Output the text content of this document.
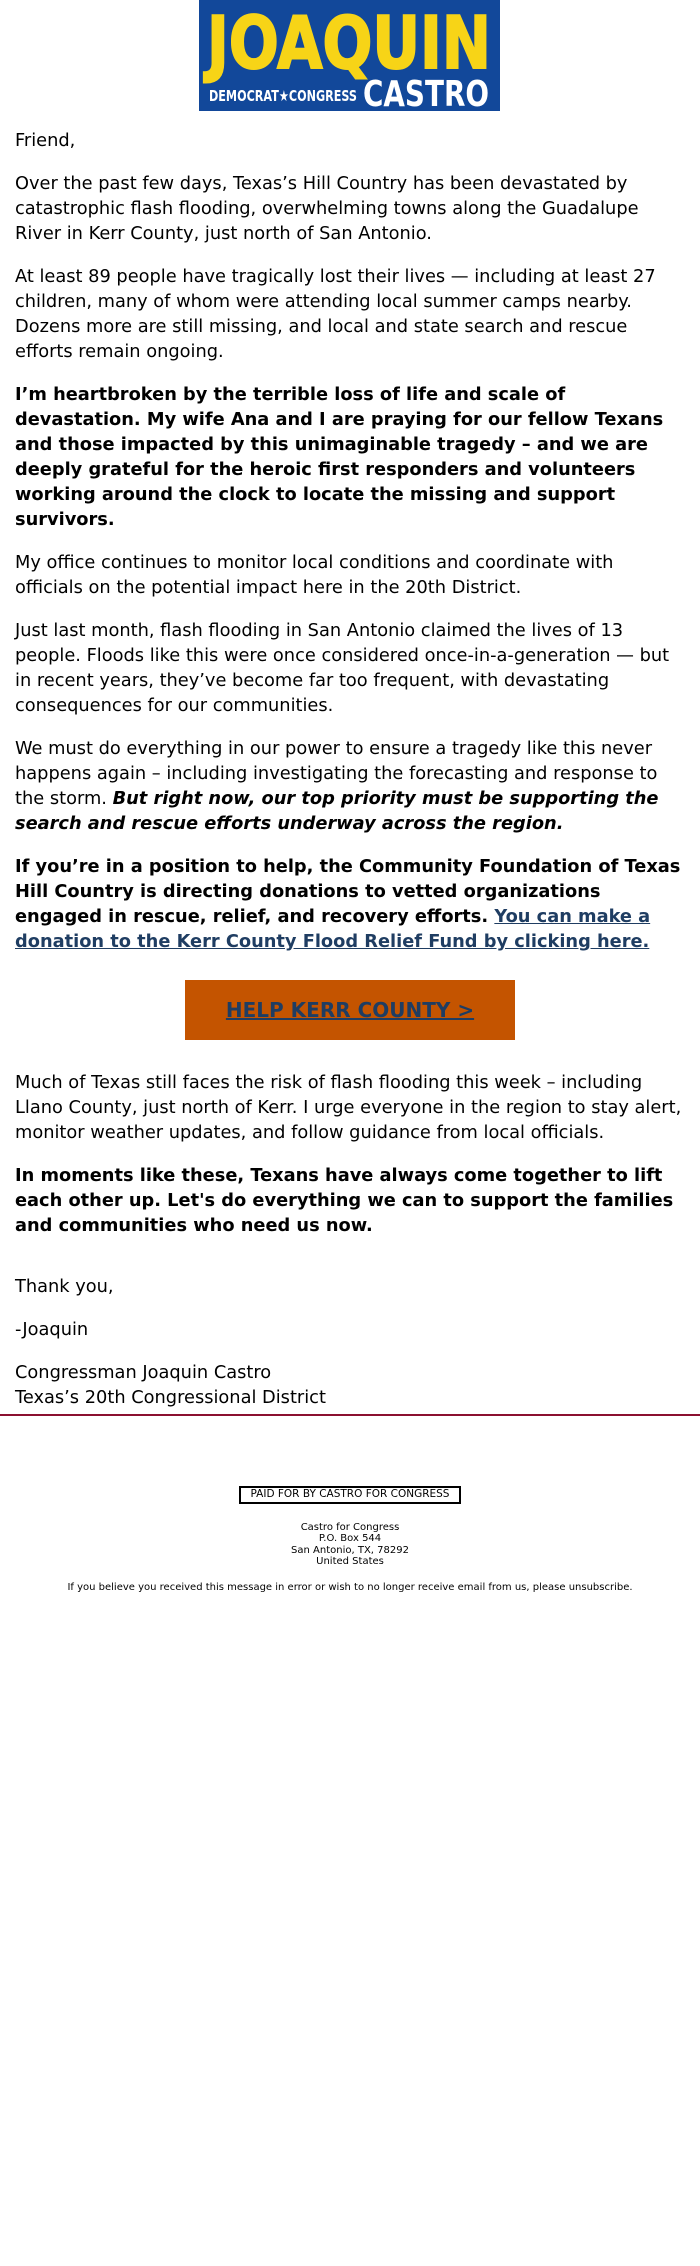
JOAQUIN
DEMOCRAT★CONGRESS CASTRO

Friend,

Over the past few days, Texas’s Hill Country has been devastated by catastrophic flash flooding, overwhelming towns along the Guadalupe River in Kerr County, just north of San Antonio.

At least 89 people have tragically lost their lives — including at least 27 children, many of whom were attending local summer camps nearby. Dozens more are still missing, and local and state search and rescue efforts remain ongoing.

I’m heartbroken by the terrible loss of life and scale of devastation. My wife Ana and I are praying for our fellow Texans and those impacted by this unimaginable tragedy – and we are deeply grateful for the heroic first responders and volunteers working around the clock to locate the missing and support survivors.

My office continues to monitor local conditions and coordinate with officials on the potential impact here in the 20th District.

Just last month, flash flooding in San Antonio claimed the lives of 13 people. Floods like this were once considered once-in-a-generation — but in recent years, they’ve become far too frequent, with devastating consequences for our communities.

We must do everything in our power to ensure a tragedy like this never happens again – including investigating the forecasting and response to the storm. But right now, our top priority must be supporting the search and rescue efforts underway across the region.

If you’re in a position to help, the Community Foundation of Texas Hill Country is directing donations to vetted organizations engaged in rescue, relief, and recovery efforts. You can make a donation to the Kerr County Flood Relief Fund by clicking here.

HELP KERR COUNTY >

Much of Texas still faces the risk of flash flooding this week – including Llano County, just north of Kerr. I urge everyone in the region to stay alert, monitor weather updates, and follow guidance from local officials.

In moments like these, Texans have always come together to lift each other up. Let's do everything we can to support the families and communities who need us now.

Thank you,

-Joaquin

Congressman Joaquin Castro
Texas’s 20th Congressional District

PAID FOR BY CASTRO FOR CONGRESS
Castro for Congress
P.O. Box 544
San Antonio, TX, 78292
United States
If you believe you received this message in error or wish to no longer receive email from us, please unsubscribe.
